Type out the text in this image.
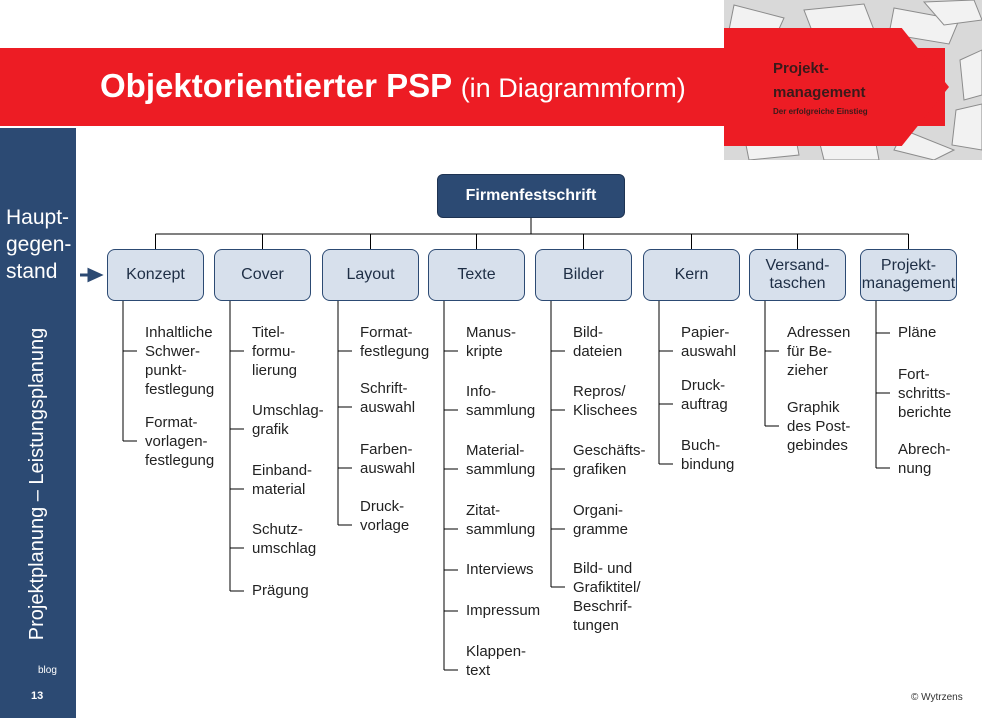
Projekt-
management
Der erfolgreiche Einstieg
Objektorientierter PSP (in Diagrammform)
Haupt-
gegen-
stand
Projektplanung – Leistungsplanung
blog
13
Firmenfestschrift
Konzept
Inhaltliche
Schwer-
punkt-
festlegung
Format-
vorlagen-
festlegung
Cover
Titel-
formu-
lierung
Umschlag-
grafik
Einband-
material
Schutz-
umschlag
Prägung
Layout
Format-
festlegung
Schrift-
auswahl
Farben-
auswahl
Druck-
vorlage
Texte
Manus-
kripte
Info-
sammlung
Material-
sammlung
Zitat-
sammlung
Interviews
Impressum
Klappen-
text
Bilder
Bild-
dateien
Repros/
Klischees
Geschäfts-
grafiken
Organi-
gramme
Bild- und
Grafiktitel/
Beschrif-
tungen
Kern
Papier-
auswahl
Druck-
auftrag
Buch-
bindung
Versand-
taschen
Adressen
für Be-
zieher
Graphik
des Post-
gebindes
Projekt-
management
Pläne
Fort-
schritts-
berichte
Abrech-
nung
© Wytrzens
